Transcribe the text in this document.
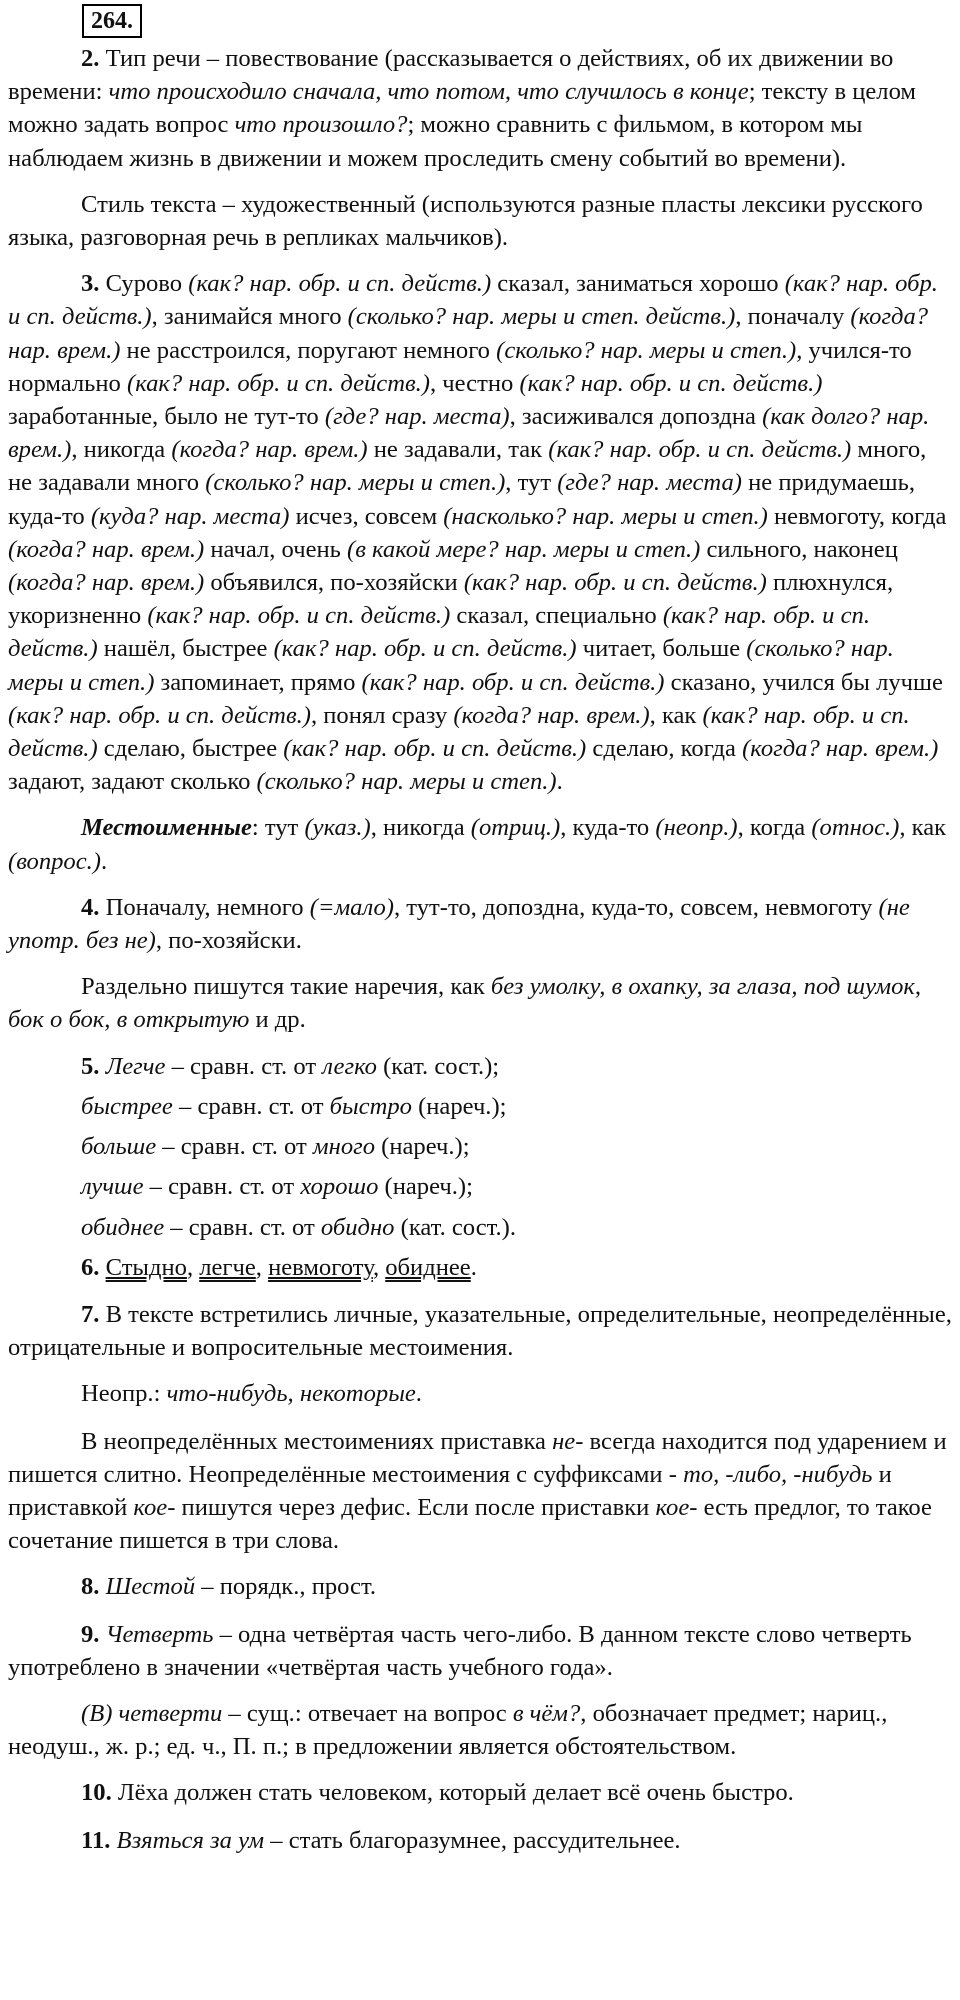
264.

2. Тип речи – повествование (рассказывается о действиях, об их движении во времени: что происходило сначала, что потом, что случилось в конце; тексту в целом можно задать вопрос что произошло?; можно сравнить с фильмом, в котором мы наблюдаем жизнь в движении и можем проследить смену событий во времени).

Стиль текста – художественный (используются разные пласты лексики русского языка, разговорная речь в репликах мальчиков).

3. Сурово (как? нар. обр. и сп. действ.) сказал, заниматься хорошо (как? нар. обр. и сп. действ.), занимайся много (сколько? нар. меры и степ. действ.), поначалу (когда? нар. врем.) не расстроился, поругают немного (сколько? нар. меры и степ.), учился-то нормально (как? нар. обр. и сп. действ.), честно (как? нар. обр. и сп. действ.) заработанные, было не тут-то (где? нар. места), засиживался допоздна (как долго? нар. врем.), никогда (когда? нар. врем.) не задавали, так (как? нар. обр. и сп. действ.) много, не задавали много (сколько? нар. меры и степ.), тут (где? нар. места) не придумаешь, куда-то (куда? нар. места) исчез, совсем (насколько? нар. меры и степ.) невмоготу, когда (когда? нар. врем.) начал, очень (в какой мере? нар. меры и степ.) сильного, наконец (когда? нар. врем.) объявился, по-хозяйски (как? нар. обр. и сп. действ.) плюхнулся, укоризненно (как? нар. обр. и сп. действ.) сказал, специально (как? нар. обр. и сп. действ.) нашёл, быстрее (как? нар. обр. и сп. действ.) читает, больше (сколько? нар. меры и степ.) запоминает, прямо (как? нар. обр. и сп. действ.) сказано, учился бы лучше (как? нар. обр. и сп. действ.), понял сразу (когда? нар. врем.), как (как? нар. обр. и сп. действ.) сделаю, быстрее (как? нар. обр. и сп. действ.) сделаю, когда (когда? нар. врем.) задают, задают сколько (сколько? нар. меры и степ.).

Местоименные: тут (указ.), никогда (отриц.), куда-то (неопр.), когда (относ.), как (вопрос.).

4. Поначалу, немного (=мало), тут-то, допоздна, куда-то, совсем, невмоготу (не употр. без не), по-хозяйски.

Раздельно пишутся такие наречия, как без умолку, в охапку, за глаза, под шумок, бок о бок, в открытую и др.

5. Легче – сравн. ст. от легко (кат. сост.);

быстрее – сравн. ст. от быстро (нареч.);

больше – сравн. ст. от много (нареч.);

лучше – сравн. ст. от хорошо (нареч.);

обиднее – сравн. ст. от обидно (кат. сост.).

6. Стыдно, легче, невмоготу, обиднее.

7. В тексте встретились личные, указательные, определительные, неопределённые, отрицательные и вопросительные местоимения.

Неопр.: что-нибудь, некоторые.

В неопределённых местоимениях приставка не- всегда находится под ударением и пишется слитно. Неопределённые местоимения с суффиксами - то, -либо, -нибудь и приставкой кое- пишутся через дефис. Если после приставки кое- есть предлог, то такое сочетание пишется в три слова.

8. Шестой – порядк., прост.

9. Четверть – одна четвёртая часть чего-либо. В данном тексте слово четверть употреблено в значении «четвёртая часть учебного года».

(В) четверти – сущ.: отвечает на вопрос в чём?, обозначает предмет; нариц., неодуш., ж. р.; ед. ч., П. п.; в предложении является обстоятельством.

10. Лёха должен стать человеком, который делает всё очень быстро.

11. Взяться за ум – стать благоразумнее, рассудительнее.
